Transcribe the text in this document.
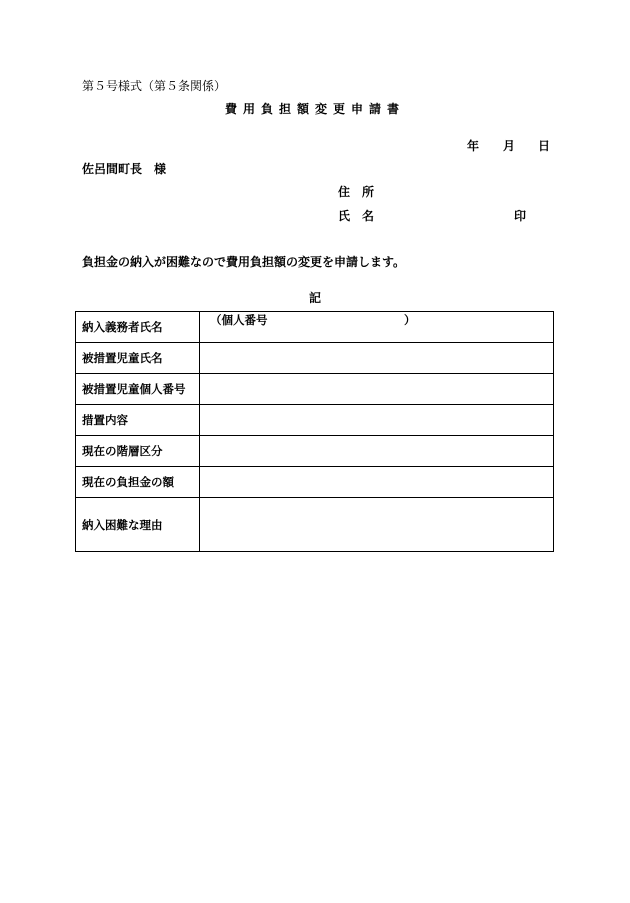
第５号様式（第５条関係）
費用負担額変更申請書
年 月 日
佐呂間町長　様
住　所
氏　名	印
負担金の納入が困難なので費用負担額の変更を申請します。
記
納入義務者氏名	（個人番号 ）

被措置児童氏名	
被措置児童個人番号	
措置内容	
現在の階層区分	
現在の負担金の額	
納入困難な理由	
